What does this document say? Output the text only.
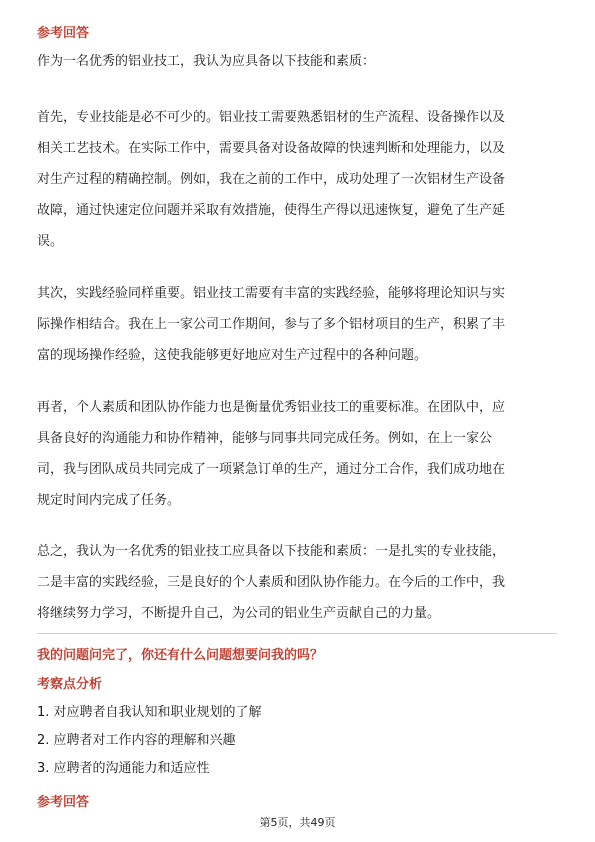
参考回答
作为一名优秀的铝业技工，我认为应具备以下技能和素质：
首先，专业技能是必不可少的。铝业技工需要熟悉铝材的生产流程、设备操作以及
相关工艺技术。在实际工作中，需要具备对设备故障的快速判断和处理能力，以及
对生产过程的精确控制。例如，我在之前的工作中，成功处理了一次铝材生产设备
故障，通过快速定位问题并采取有效措施，使得生产得以迅速恢复，避免了生产延
误。
其次，实践经验同样重要。铝业技工需要有丰富的实践经验，能够将理论知识与实
际操作相结合。我在上一家公司工作期间，参与了多个铝材项目的生产，积累了丰
富的现场操作经验，这使我能够更好地应对生产过程中的各种问题。
再者，个人素质和团队协作能力也是衡量优秀铝业技工的重要标准。在团队中，应
具备良好的沟通能力和协作精神，能够与同事共同完成任务。例如，在上一家公
司，我与团队成员共同完成了一项紧急订单的生产，通过分工合作，我们成功地在
规定时间内完成了任务。
总之，我认为一名优秀的铝业技工应具备以下技能和素质：一是扎实的专业技能，
二是丰富的实践经验，三是良好的个人素质和团队协作能力。在今后的工作中，我
将继续努力学习，不断提升自己，为公司的铝业生产贡献自己的力量。
我的问题问完了，你还有什么问题想要问我的吗？
考察点分析
1. 对应聘者自我认知和职业规划的了解
2. 应聘者对工作内容的理解和兴趣
3. 应聘者的沟通能力和适应性
参考回答
第5页，共49页
